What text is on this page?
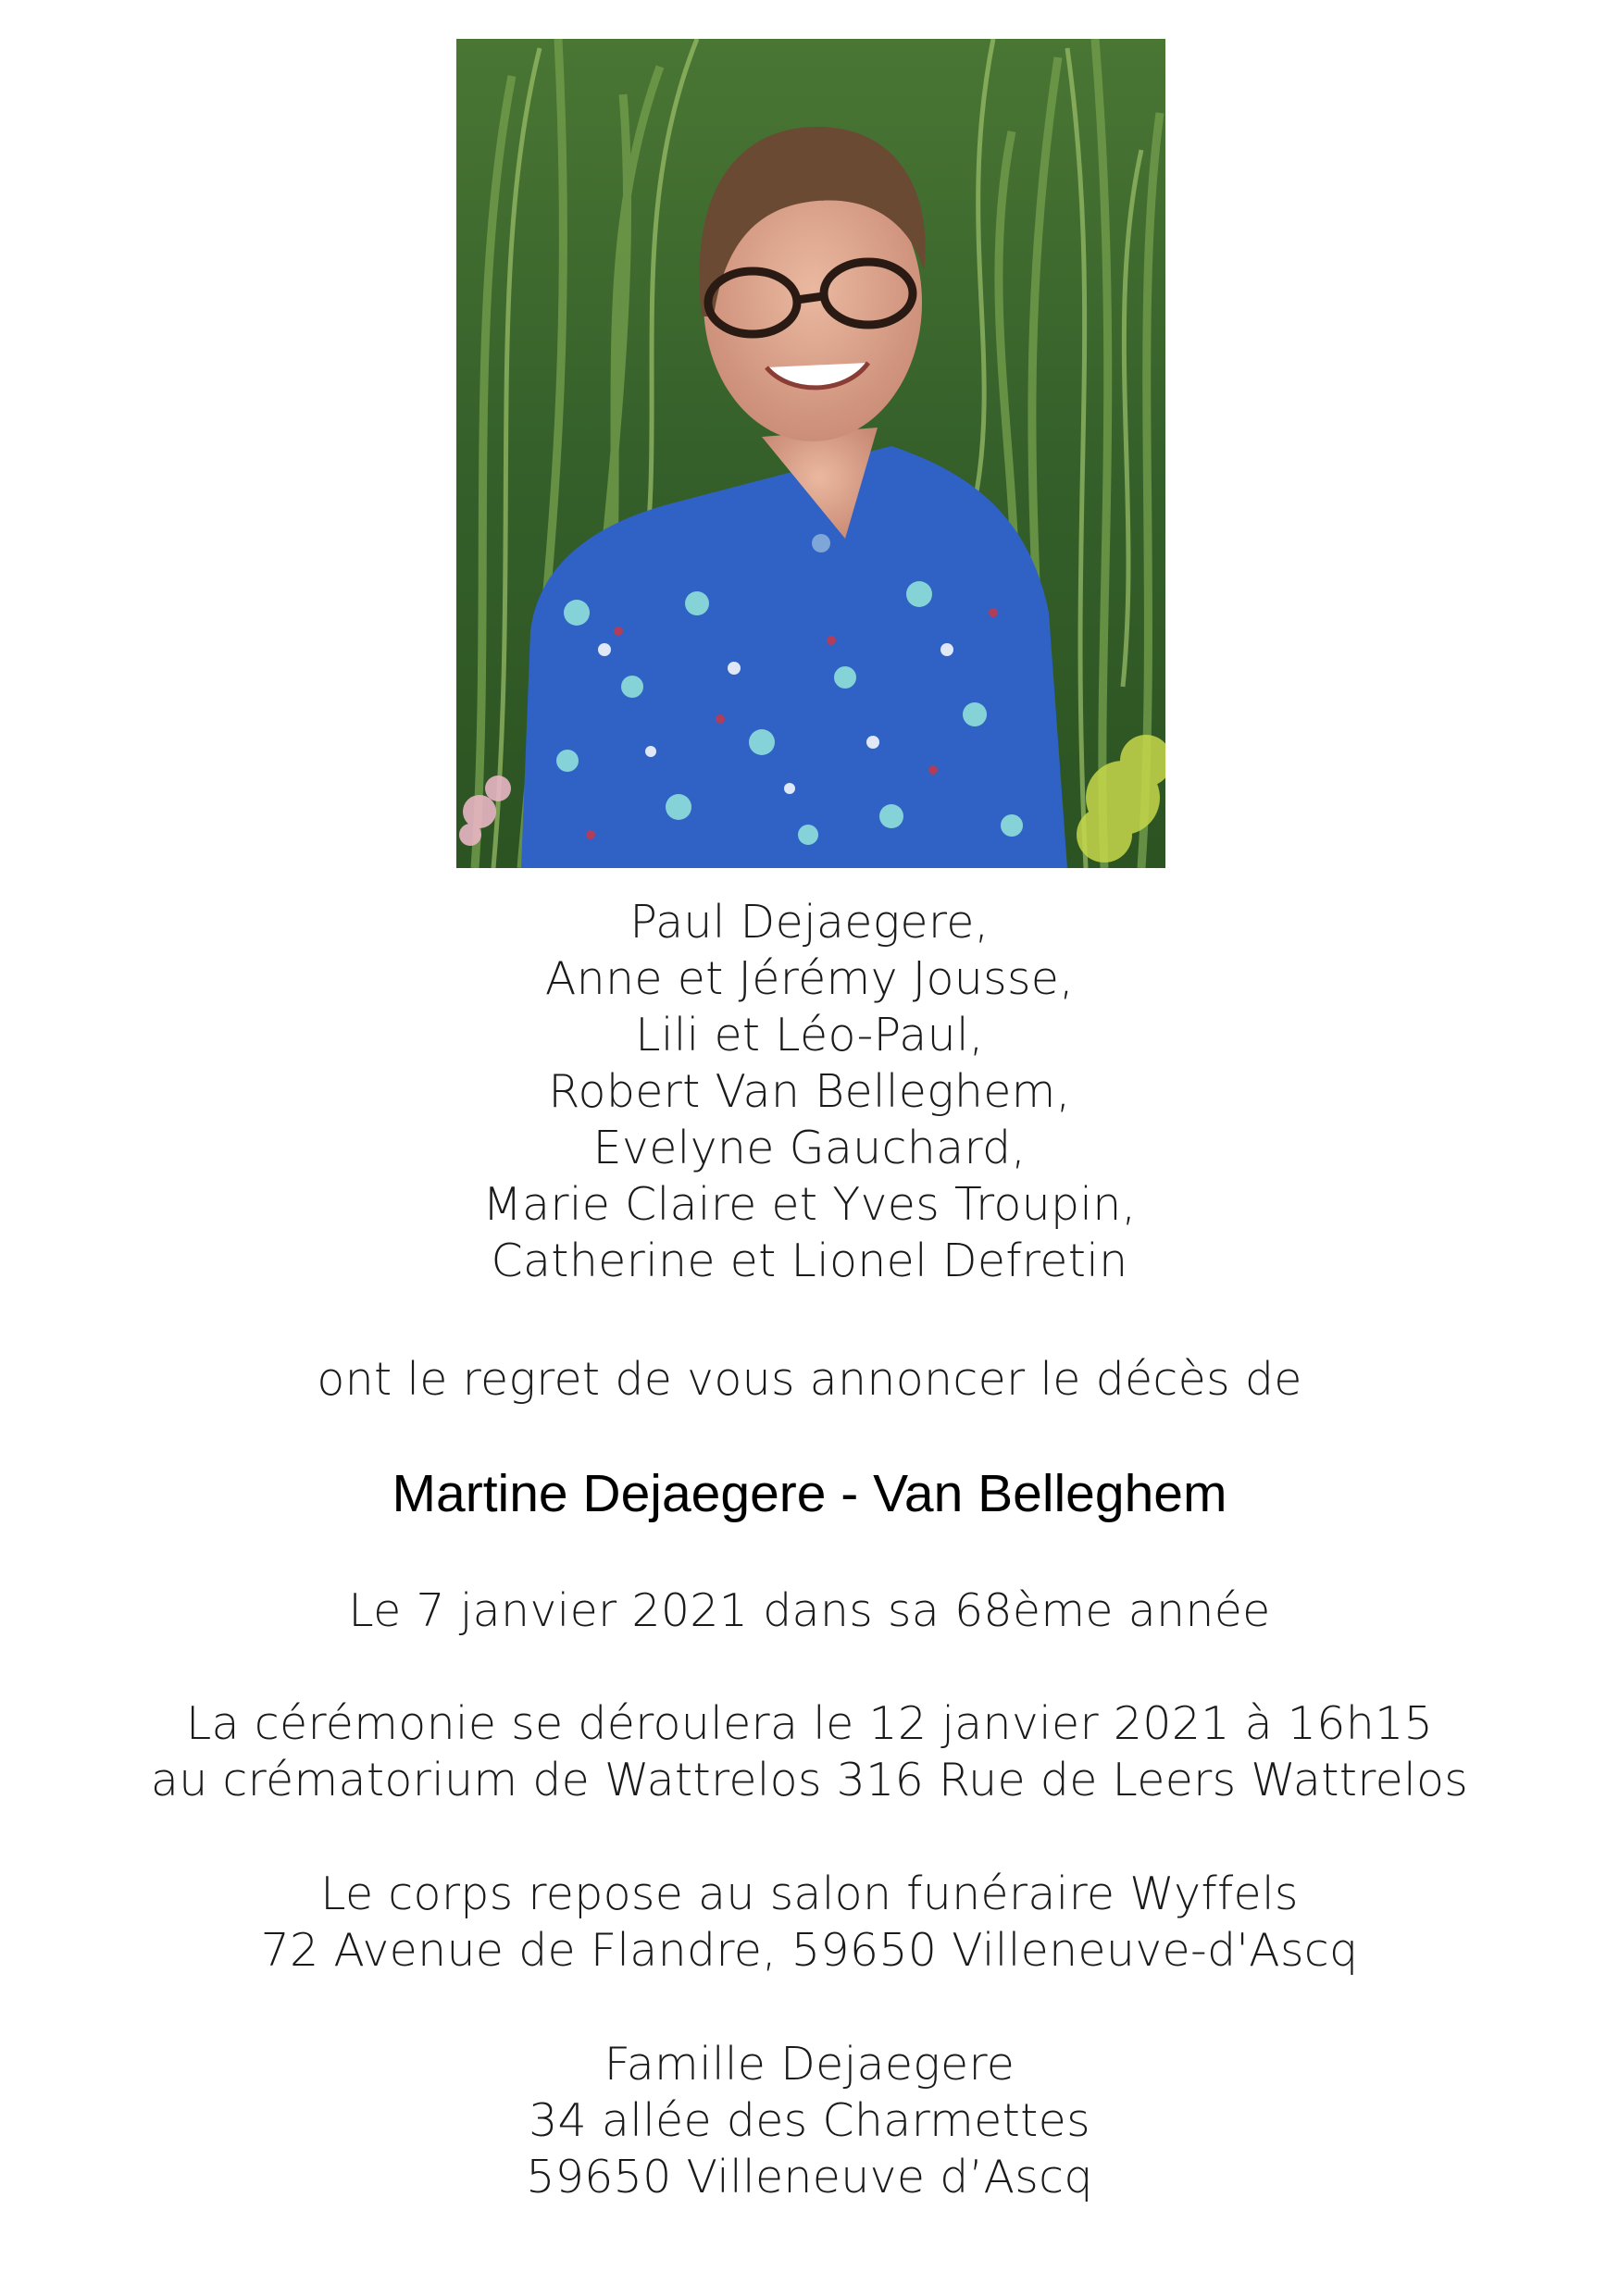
Paul Dejaegere,
Anne et Jérémy Jousse,
Lili et Léo-Paul,
Robert Van Belleghem,
Evelyne Gauchard,
Marie Claire et Yves Troupin,
Catherine et Lionel Defretin
ont le regret de vous annoncer le décès de
Martine Dejaegere - Van Belleghem
Le 7 janvier 2021 dans sa 68ème année
La cérémonie se déroulera le 12 janvier 2021 à 16h15
au crématorium de Wattrelos 316 Rue de Leers Wattrelos
Le corps repose au salon funéraire Wyffels
72 Avenue de Flandre, 59650 Villeneuve-d'Ascq
Famille Dejaegere
34 allée des Charmettes
59650 Villeneuve d’Ascq
